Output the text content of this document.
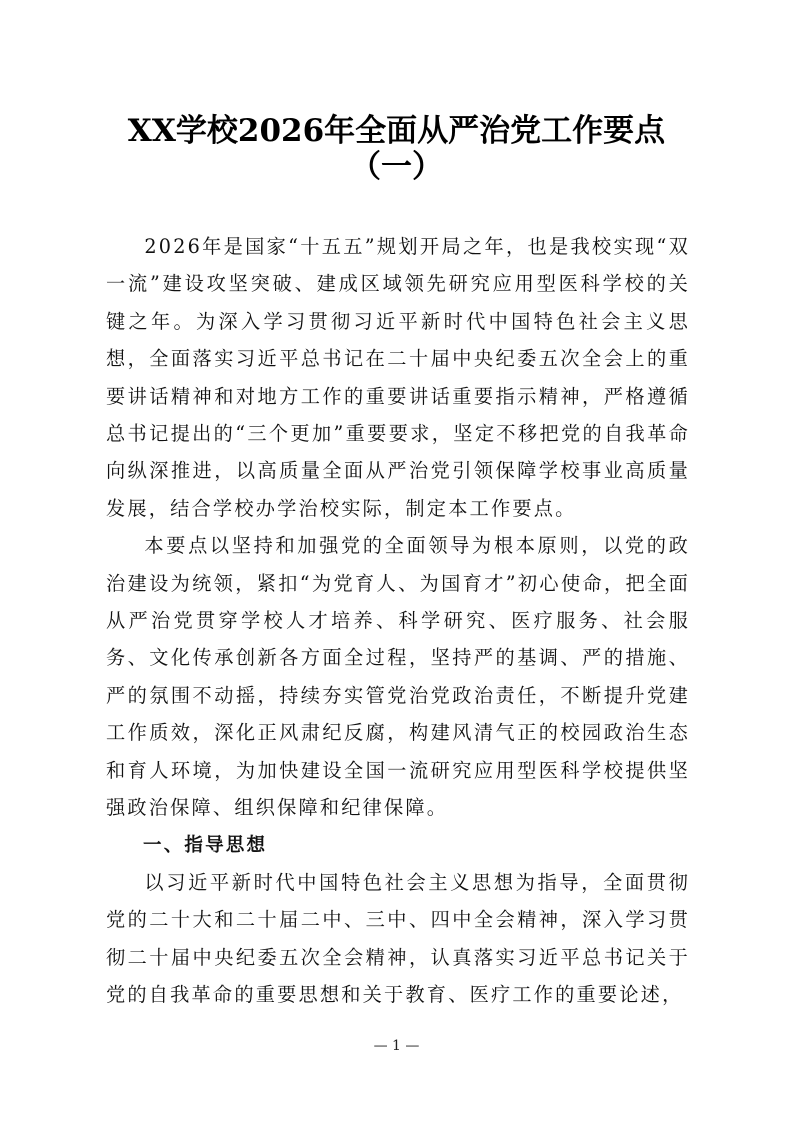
XX学校2026年全面从严治党工作要点
（一）

2026年是国家“十五五”规划开局之年，也是我校实现“双一流”建设攻坚突破、建成区域领先研究应用型医科学校的关键之年。为深入学习贯彻习近平新时代中国特色社会主义思想，全面落实习近平总书记在二十届中央纪委五次全会上的重要讲话精神和对地方工作的重要讲话重要指示精神，严格遵循总书记提出的“三个更加”重要要求，坚定不移把党的自我革命向纵深推进，以高质量全面从严治党引领保障学校事业高质量发展，结合学校办学治校实际，制定本工作要点。

本要点以坚持和加强党的全面领导为根本原则，以党的政治建设为统领，紧扣“为党育人、为国育才”初心使命，把全面从严治党贯穿学校人才培养、科学研究、医疗服务、社会服务、文化传承创新各方面全过程，坚持严的基调、严的措施、严的氛围不动摇，持续夯实管党治党政治责任，不断提升党建工作质效，深化正风肃纪反腐，构建风清气正的校园政治生态和育人环境，为加快建设全国一流研究应用型医科学校提供坚强政治保障、组织保障和纪律保障。

一、指导思想

以习近平新时代中国特色社会主义思想为指导，全面贯彻党的二十大和二十届二中、三中、四中全会精神，深入学习贯彻二十届中央纪委五次全会精神，认真落实习近平总书记关于党的自我革命的重要思想和关于教育、医疗工作的重要论述，

— 1 —
